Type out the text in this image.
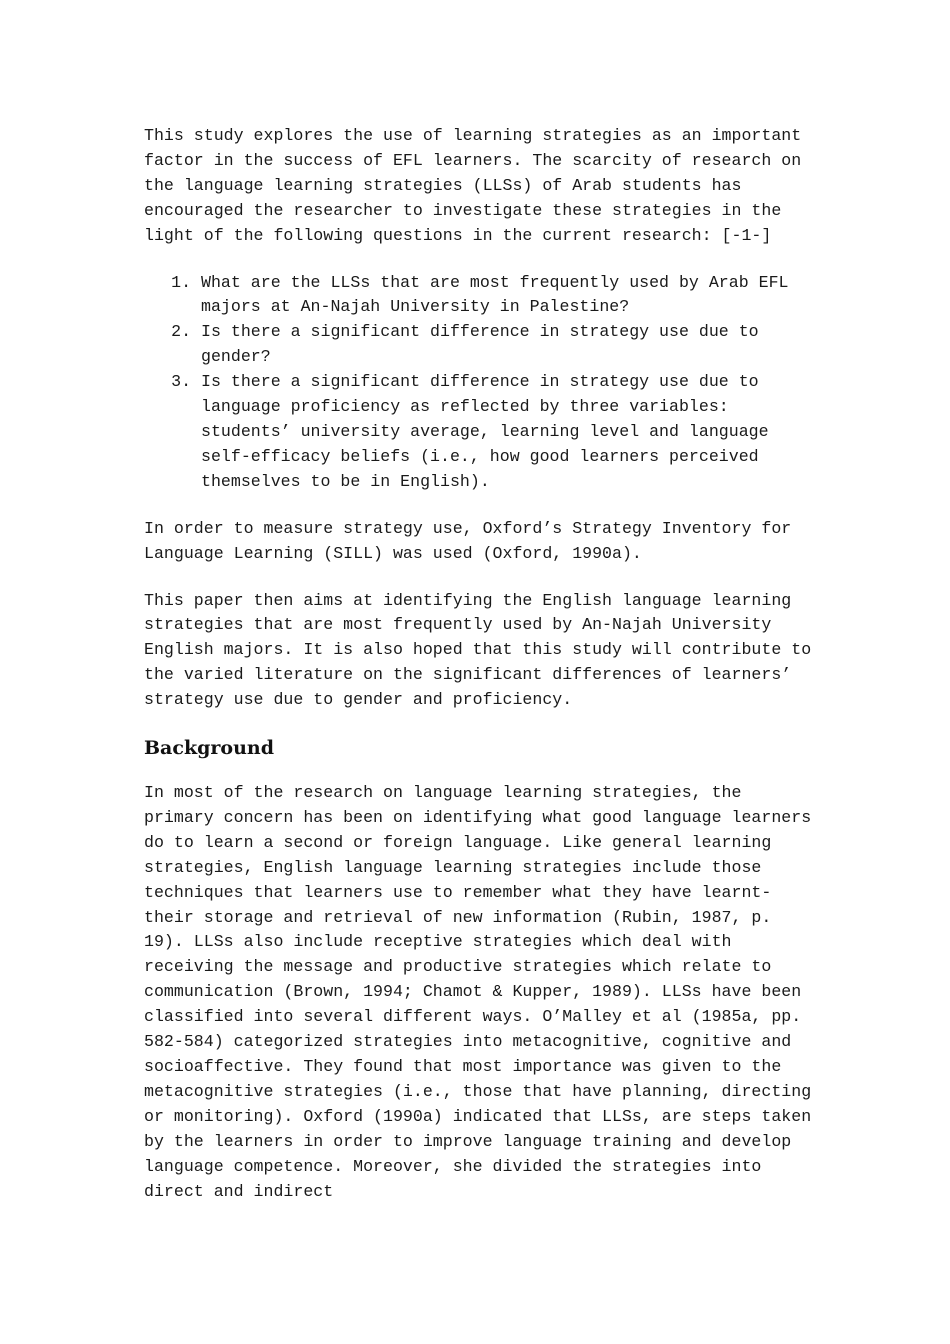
This study explores the use of learning strategies as an important factor in the success of EFL learners. The scarcity of research on the language learning strategies (LLSs) of Arab students has encouraged the researcher to investigate these strategies in the light of the following questions in the current research: [-1-]

1. What are the LLSs that are most frequently used by Arab EFL majors at An-Najah University in Palestine?
2. Is there a significant difference in strategy use due to gender?
3. Is there a significant difference in strategy use due to language proficiency as reflected by three variables: students’ university average, learning level and language self-efficacy beliefs (i.e., how good learners perceived themselves to be in English).

In order to measure strategy use, Oxford’s Strategy Inventory for Language Learning (SILL) was used (Oxford, 1990a).

This paper then aims at identifying the English language learning strategies that are most frequently used by An-Najah University English majors. It is also hoped that this study will contribute to the varied literature on the significant differences of learners’ strategy use due to gender and proficiency.

Background

In most of the research on language learning strategies, the primary concern has been on identifying what good language learners do to learn a second or foreign language. Like general learning strategies, English language learning strategies include those techniques that learners use to remember what they have learnt- their storage and retrieval of new information (Rubin, 1987, p. 19). LLSs also include receptive strategies which deal with receiving the message and productive strategies which relate to communication (Brown, 1994; Chamot & Kupper, 1989). LLSs have been classified into several different ways. O’Malley et al (1985a, pp. 582-584) categorized strategies into metacognitive, cognitive and socioaffective. They found that most importance was given to the metacognitive strategies (i.e., those that have planning, directing or monitoring). Oxford (1990a) indicated that LLSs, are steps taken by the learners in order to improve language training and develop language competence. Moreover, she divided the strategies into direct and indirect
